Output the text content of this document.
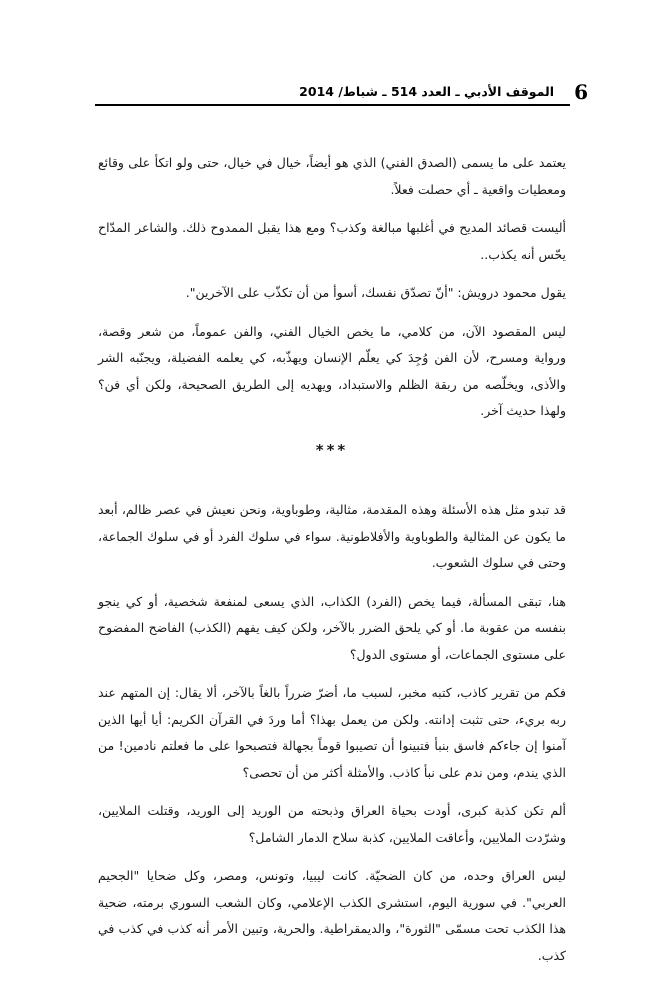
6
الموقف الأدبي ـ العدد 514 ـ شباط/ 2014

يعتمد على ما يسمى (الصدق الفني) الذي هو أيضاً، خيال في خيال، حتى ولو اتكأ على وقائع ومعطيات واقعية ـ أي حصلت فعلاً.

أليست قصائد المديح في أغلبها مبالغة وكذب؟ ومع هذا يقبل الممدوح ذلك. والشاعر المدّاح يحّس أنه يكذب..

يقول محمود درويش: "أنّ تصدّق نفسك، أسوأ من أن تكذّب على الآخرين".

ليس المقصود الآن، من كلامي، ما يخص الخيال الفني، والفن عموماً، من شعر وقصة، ورواية ومسرح، لأن الفن وُجِدَ كي يعلّم الإنسان ويهذّبه، كي يعلمه الفضيلة، ويجنّبه الشر والأذى، ويخلّصه من ربقة الظلم والاستبداد، ويهديه إلى الطريق الصحيحة، ولكن أي فن؟ ولهذا حديث آخر.

***

قد تبدو مثل هذه الأسئلة وهذه المقدمة، مثالية، وطوباوية، ونحن نعيش في عصر ظالم، أبعد ما يكون عن المثالية والطوباوية والأفلاطونية. سواء في سلوك الفرد أو في سلوك الجماعة، وحتى في سلوك الشعوب.

هنا، تبقى المسألة، فيما يخص (الفرد) الكذاب، الذي يسعى لمنفعة شخصية، أو كي ينجو بنفسه من عقوبة ما. أو كي يلحق الضرر بالآخر، ولكن كيف يفهم (الكذب) الفاضح المفضوح على مستوى الجماعات، أو مستوى الدول؟

فكم من تقرير كاذب، كتبه مخبر، لسبب ما، أضرّ ضرراً بالغاً بالآخر، ألا يقال: إن المتهم عند ربه بريء، حتى تثبت إدانته. ولكن من يعمل بهذا؟ أما وردَ في القرآن الكريم: أيا أيها الذين آمنوا إن جاءكم فاسق بنبأ فتبينوا أن تصيبوا قوماً بجهالة فتصبحوا على ما فعلتم نادمين! من الذي يندم، ومن ندم على نبأ كاذب. والأمثلة أكثر من أن تحصى؟

ألم تكن كذبة كبرى، أودت بحياة العراق وذبحته من الوريد إلى الوريد، وقتلت الملايين، وشرّدت الملايين، وأعاقت الملايين، كذبة سلاح الدمار الشامل؟

ليس العراق وحده، من كان الضحيّة. كانت ليبيا، وتونس، ومصر، وكل ضحايا "الجحيم العربي". في سورية اليوم، استشرى الكذب الإعلامي، وكان الشعب السوري برمته، ضحية هذا الكذب تحت مسمّى "الثورة"، والديمقراطية. والحرية، وتبين الأمر أنه كذب في كذب في كذب.
